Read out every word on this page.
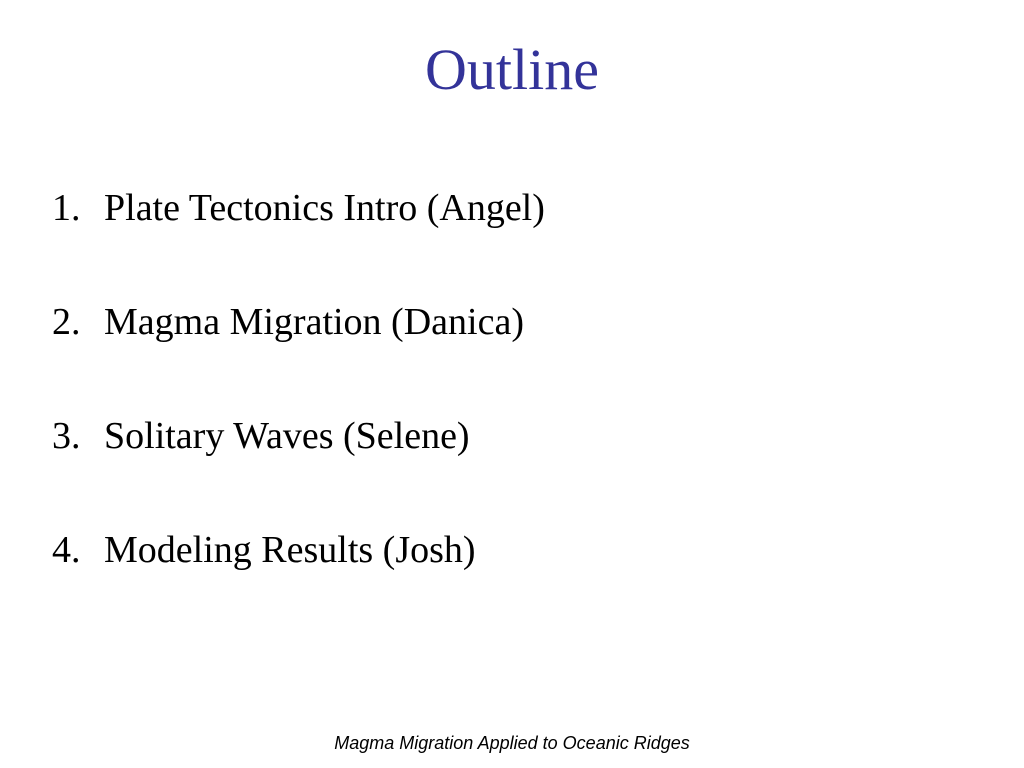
Outline
1. Plate Tectonics Intro (Angel)
2. Magma Migration (Danica)
3. Solitary Waves (Selene)
4. Modeling Results (Josh)
Magma Migration Applied to Oceanic Ridges
